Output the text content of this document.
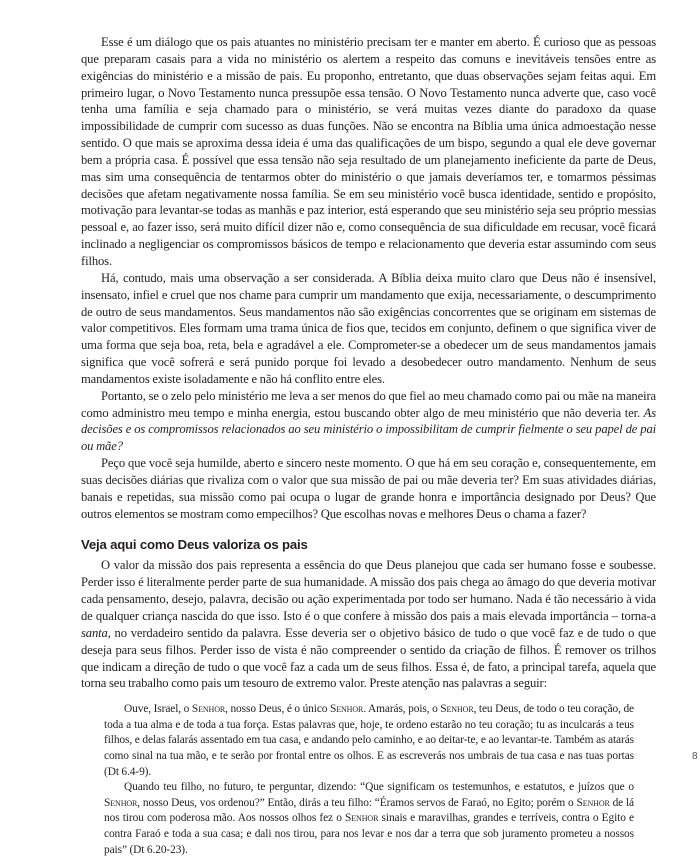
Esse é um diálogo que os pais atuantes no ministério precisam ter e manter em aberto. É curioso que as pessoas que preparam casais para a vida no ministério os alertem a respeito das comuns e inevitáveis tensões entre as exigências do ministério e a missão de pais. Eu proponho, entretanto, que duas observações sejam feitas aqui. Em primeiro lugar, o Novo Testamento nunca pressupõe essa tensão. O Novo Testamento nunca adverte que, caso você tenha uma família e seja chamado para o ministério, se verá muitas vezes diante do paradoxo da quase impossibilidade de cumprir com sucesso as duas funções. Não se encontra na Bíblia uma única admoestação nesse sentido. O que mais se aproxima dessa ideia é uma das qualificações de um bispo, segundo a qual ele deve governar bem a própria casa. É possível que essa tensão não seja resultado de um planejamento ineficiente da parte de Deus, mas sim uma consequência de tentarmos obter do ministério o que jamais deveríamos ter, e tomarmos péssimas decisões que afetam negativamente nossa família. Se em seu ministério você busca identidade, sentido e propósito, motivação para levantar-se todas as manhãs e paz interior, está esperando que seu ministério seja seu próprio messias pessoal e, ao fazer isso, será muito difícil dizer não e, como consequência de sua dificuldade em recusar, você ficará inclinado a negligenciar os compromissos básicos de tempo e relacionamento que deveria estar assumindo com seus filhos.

Há, contudo, mais uma observação a ser considerada. A Bíblia deixa muito claro que Deus não é insensível, insensato, infiel e cruel que nos chame para cumprir um mandamento que exija, necessariamente, o descumprimento de outro de seus mandamentos. Seus mandamentos não são exigências concorrentes que se originam em sistemas de valor competitivos. Eles formam uma trama única de fios que, tecidos em conjunto, definem o que significa viver de uma forma que seja boa, reta, bela e agradável a ele. Comprometer-se a obedecer um de seus mandamentos jamais significa que você sofrerá e será punido porque foi levado a desobedecer outro mandamento. Nenhum de seus mandamentos existe isoladamente e não há conflito entre eles.

Portanto, se o zelo pelo ministério me leva a ser menos do que fiel ao meu chamado como pai ou mãe na maneira como administro meu tempo e minha energia, estou buscando obter algo de meu ministério que não deveria ter. As decisões e os compromissos relacionados ao seu ministério o impossibilitam de cumprir fielmente o seu papel de pai ou mãe?

Peço que você seja humilde, aberto e sincero neste momento. O que há em seu coração e, consequentemente, em suas decisões diárias que rivaliza com o valor que sua missão de pai ou mãe deveria ter? Em suas atividades diárias, banais e repetidas, sua missão como pai ocupa o lugar de grande honra e importância designado por Deus? Que outros elementos se mostram como empecilhos? Que escolhas novas e melhores Deus o chama a fazer?

Veja aqui como Deus valoriza os pais

O valor da missão dos pais representa a essência do que Deus planejou que cada ser humano fosse e soubesse. Perder isso é literalmente perder parte de sua humanidade. A missão dos pais chega ao âmago do que deveria motivar cada pensamento, desejo, palavra, decisão ou ação experimentada por todo ser humano. Nada é tão necessário à vida de qualquer criança nascida do que isso. Isto é o que confere à missão dos pais a mais elevada importância – torna-a santa, no verdadeiro sentido da palavra. Esse deveria ser o objetivo básico de tudo o que você faz e de tudo o que deseja para seus filhos. Perder isso de vista é não compreender o sentido da criação de filhos. É remover os trilhos que indicam a direção de tudo o que você faz a cada um de seus filhos. Essa é, de fato, a principal tarefa, aquela que torna seu trabalho como pais um tesouro de extremo valor. Preste atenção nas palavras a seguir:

Ouve, Israel, o Senhor, nosso Deus, é o único Senhor. Amarás, pois, o Senhor, teu Deus, de todo o teu coração, de toda a tua alma e de toda a tua força. Estas palavras que, hoje, te ordeno estarão no teu coração; tu as inculcarás a teus filhos, e delas falarás assentado em tua casa, e andando pelo caminho, e ao deitar-te, e ao levantar-te. Também as atarás como sinal na tua mão, e te serão por frontal entre os olhos. E as escreverás nos umbrais de tua casa e nas tuas portas (Dt 6.4-9).

Quando teu filho, no futuro, te perguntar, dizendo: “Que significam os testemunhos, e estatutos, e juízos que o Senhor, nosso Deus, vos ordenou?” Então, dirás a teu filho: “Éramos servos de Faraó, no Egito; porém o Senhor de lá nos tirou com poderosa mão. Aos nossos olhos fez o Senhor sinais e maravilhas, grandes e terríveis, contra o Egito e contra Faraó e toda a sua casa; e dali nos tirou, para nos levar e nos dar a terra que sob juramento prometeu a nossos pais” (Dt 6.20-23).

8
